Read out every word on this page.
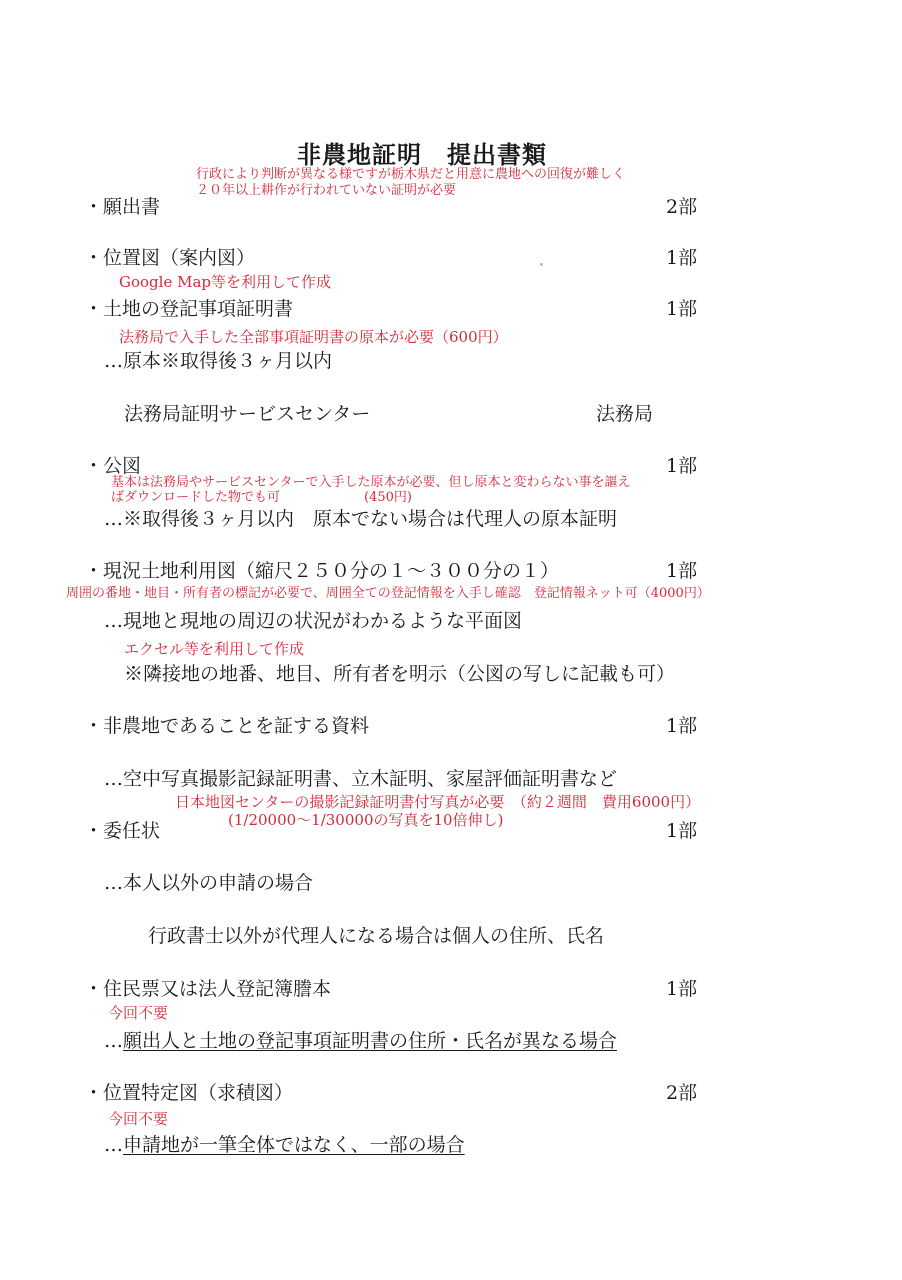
非農地証明　提出書類
行政により判断が異なる様ですが栃木県だと用意に農地への回復が難しく
２０年以上耕作が行われていない証明が必要
・願出書	2部
・位置図（案内図）	1部
Google Map等を利用して作成
・土地の登記事項証明書	1部
法務局で入手した全部事項証明書の原本が必要（600円）
…原本※取得後３ヶ月以内
法務局証明サービスセンター	法務局
・公図	1部
基本は法務局やサービスセンターで入手した原本が必要、但し原本と変わらない事を謳え
ばダウンロードした物でも可	(450円)
…※取得後３ヶ月以内　原本でない場合は代理人の原本証明
・現況土地利用図（縮尺２５０分の１～３００分の１）	1部
周囲の番地・地目・所有者の標記が必要で、周囲全ての登記情報を入手し確認　登記情報ネット可（4000円）
…現地と現地の周辺の状況がわかるような平面図
エクセル等を利用して作成
※隣接地の地番、地目、所有者を明示（公図の写しに記載も可）
・非農地であることを証する資料	1部
…空中写真撮影記録証明書、立木証明、家屋評価証明書など
日本地図センターの撮影記録証明書付写真が必要　（約２週間　費用6000円）
(1/20000～1/30000の写真を10倍伸し)
・委任状	1部
…本人以外の申請の場合
行政書士以外が代理人になる場合は個人の住所、氏名
・住民票又は法人登記簿謄本	1部
今回不要
…願出人と土地の登記事項証明書の住所・氏名が異なる場合
・位置特定図（求積図）	2部
今回不要
…申請地が一筆全体ではなく、一部の場合
